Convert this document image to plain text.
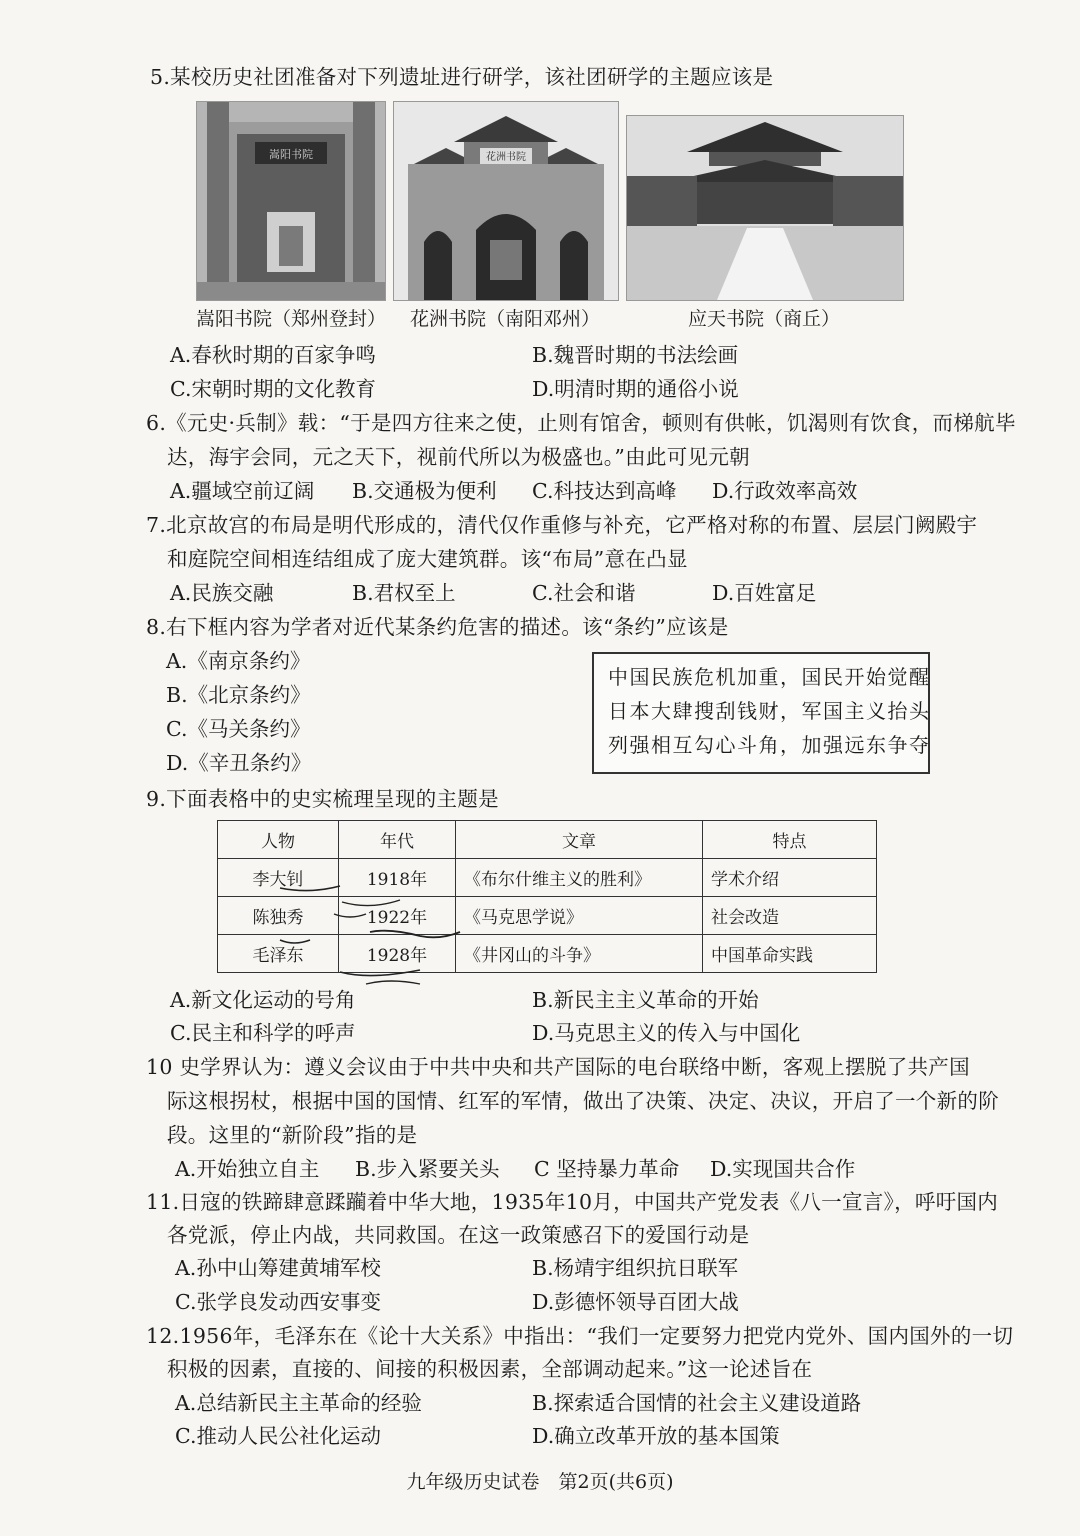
5.某校历史社团准备对下列遗址进行研学，该社团研学的主题应该是
嵩阳书院	花洲书院
嵩阳书院（郑州登封）	花洲书院（南阳邓州）	应天书院（商丘）
A.春秋时期的百家争鸣	B.魏晋时期的书法绘画
C.宋朝时期的文化教育	D.明清时期的通俗小说
6.《元史·兵制》载：“于是四方往来之使，止则有馆舍，顿则有供帐，饥渴则有饮食，而梯航毕
达，海宇会同，元之天下，视前代所以为极盛也。”由此可见元朝
A.疆域空前辽阔 B.交通极为便利 C.科技达到高峰 D.行政效率高效
7.北京故宫的布局是明代形成的，清代仅作重修与补充，它严格对称的布置、层层门阙殿宇
和庭院空间相连结组成了庞大建筑群。该“布局”意在凸显
A.民族交融	B.君权至上	C.社会和谐	D.百姓富足
8.右下框内容为学者对近代某条约危害的描述。该“条约”应该是
A.《南京条约》
B.《北京条约》
C.《马关条约》
D.《辛丑条约》
中国民族危机加重，国民开始觉醒
日本大肆搜刮钱财，军国主义抬头
列强相互勾心斗角，加强远东争夺
9.下面表格中的史实梳理呈现的主题是
人物	年代	文章	特点
李大钊	1918年	《布尔什维主义的胜利》	学术介绍
陈独秀	1922年	《马克思学说》	社会改造
毛泽东	1928年	《井冈山的斗争》	中国革命实践
A.新文化运动的号角	B.新民主主义革命的开始
C.民主和科学的呼声	D.马克思主义的传入与中国化
10 史学界认为：遵义会议由于中共中央和共产国际的电台联络中断，客观上摆脱了共产国
际这根拐杖，根据中国的国情、红军的军情，做出了决策、决定、决议，开启了一个新的阶
段。这里的“新阶段”指的是
A.开始独立自主 B.步入紧要关头 C 坚持暴力革命 D.实现国共合作
11.日寇的铁蹄肆意蹂躏着中华大地，1935年10月，中国共产党发表《八一宣言》，呼吁国内
各党派，停止内战，共同救国。在这一政策感召下的爱国行动是
A.孙中山筹建黄埔军校	B.杨靖宇组织抗日联军
C.张学良发动西安事变	D.彭德怀领导百团大战
12.1956年，毛泽东在《论十大关系》中指出：“我们一定要努力把党内党外、国内国外的一切
积极的因素，直接的、间接的积极因素，全部调动起来。”这一论述旨在
A.总结新民主主革命的经验	B.探索适合国情的社会主义建设道路
C.推动人民公社化运动	D.确立改革开放的基本国策
九年级历史试卷　第2页(共6页)
